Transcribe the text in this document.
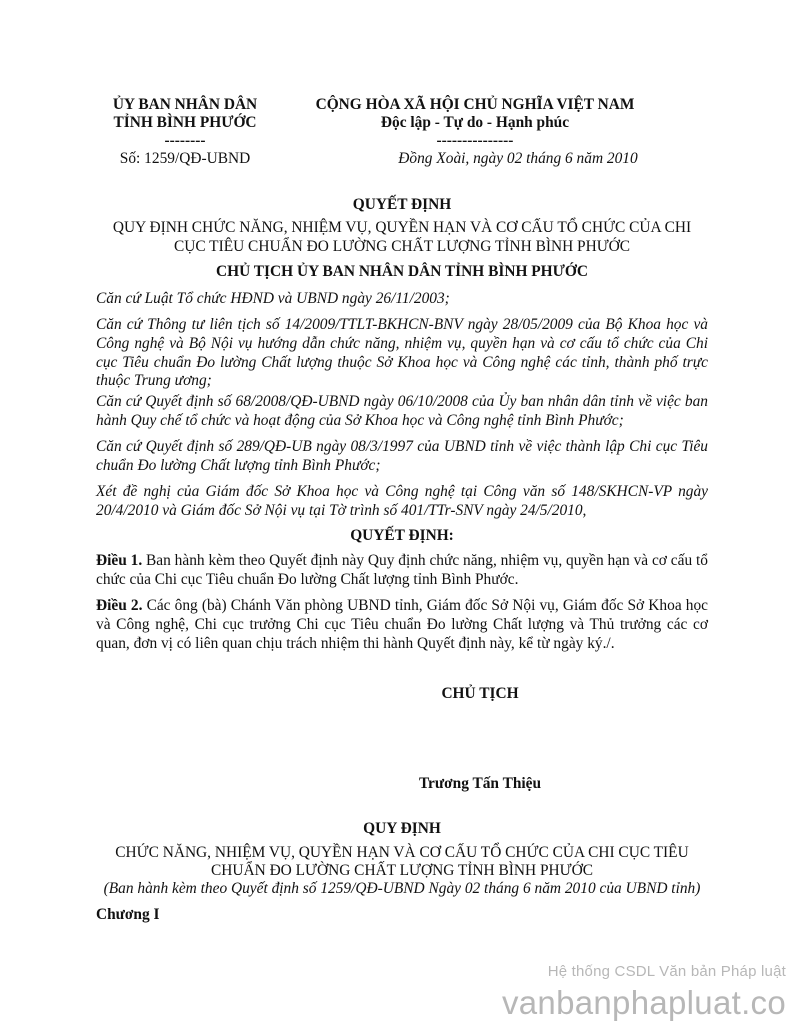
ỦY BAN NHÂN DÂN
TỈNH BÌNH PHƯỚC
--------
Số: 1259/QĐ-UBND
CỘNG HÒA XÃ HỘI CHỦ NGHĨA VIỆT NAM
Độc lập - Tự do - Hạnh phúc
---------------
Đồng Xoài, ngày 02 tháng 6 năm 2010
QUYẾT ĐỊNH
QUY ĐỊNH CHỨC NĂNG, NHIỆM VỤ, QUYỀN HẠN VÀ CƠ CẤU TỔ CHỨC CỦA CHI
CỤC TIÊU CHUẨN ĐO LƯỜNG CHẤT LƯỢNG TỈNH BÌNH PHƯỚC
CHỦ TỊCH ỦY BAN NHÂN DÂN TỈNH BÌNH PHƯỚC
Căn cứ Luật Tổ chức HĐND và UBND ngày 26/11/2003;
Căn cứ Thông tư liên tịch số 14/2009/TTLT-BKHCN-BNV ngày 28/05/2009 của Bộ Khoa học và Công nghệ và Bộ Nội vụ hướng dẫn chức năng, nhiệm vụ, quyền hạn và cơ cấu tổ chức của Chi cục Tiêu chuẩn Đo lường Chất lượng thuộc Sở Khoa học và Công nghệ các tỉnh, thành phố trực thuộc Trung ương;
Căn cứ Quyết định số 68/2008/QĐ-UBND ngày 06/10/2008 của Ủy ban nhân dân tỉnh về việc ban hành Quy chế tổ chức và hoạt động của Sở Khoa học và Công nghệ tỉnh Bình Phước;
Căn cứ Quyết định số 289/QĐ-UB ngày 08/3/1997 của UBND tỉnh về việc thành lập Chi cục Tiêu chuẩn Đo lường Chất lượng tỉnh Bình Phước;
Xét đề nghị của Giám đốc Sở Khoa học và Công nghệ tại Công văn số 148/SKHCN-VP ngày 20/4/2010 và Giám đốc Sở Nội vụ tại Tờ trình số 401/TTr-SNV ngày 24/5/2010,
QUYẾT ĐỊNH:
Điều 1. Ban hành kèm theo Quyết định này Quy định chức năng, nhiệm vụ, quyền hạn và cơ cấu tổ chức của Chi cục Tiêu chuẩn Đo lường Chất lượng tỉnh Bình Phước.
Điều 2. Các ông (bà) Chánh Văn phòng UBND tỉnh, Giám đốc Sở Nội vụ, Giám đốc Sở Khoa học và Công nghệ, Chi cục trưởng Chi cục Tiêu chuẩn Đo lường Chất lượng và Thủ trưởng các cơ quan, đơn vị có liên quan chịu trách nhiệm thi hành Quyết định này, kể từ ngày ký./.
CHỦ TỊCH
Trương Tấn Thiệu
QUY ĐỊNH
CHỨC NĂNG, NHIỆM VỤ, QUYỀN HẠN VÀ CƠ CẤU TỔ CHỨC CỦA CHI CỤC TIÊU
CHUẨN ĐO LƯỜNG CHẤT LƯỢNG TỈNH BÌNH PHƯỚC
(Ban hành kèm theo Quyết định số 1259/QĐ-UBND Ngày 02 tháng 6 năm 2010 của UBND tỉnh)
Chương I
Hệ thống CSDL Văn bản Pháp luật
vanbanphapluat.co
